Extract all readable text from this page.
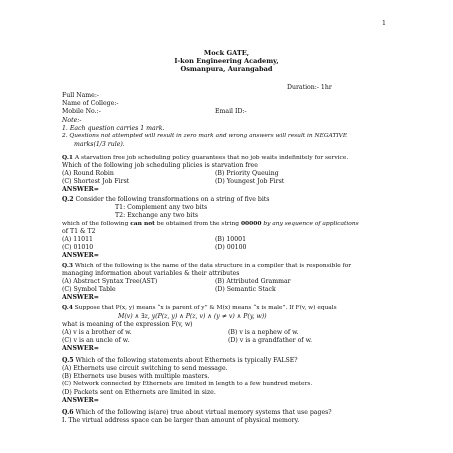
1
Mock GATE,
I-kon Engineering Academy,
Osmanpura, Aurangabad
Duration:- 1hr
Full Name:-
Name of College:-
Mobile No.:-	Email ID:-
Note:-
1. Each question carries 1 mark.
2. Questions not attempted will result in zero mark and wrong answers will result in NEGATIVE
marks(1/3 rule).
Q.1 A starvation free job scheduling policy guarantees that no job waits indefinitely for service.
Which of the following job scheduling plicies is starvation free
(A) Round Robin	(B) Priority Queuing
(C) Shortest Job First	(D) Youngest Job First
ANSWER=
Q.2 Consider the following transformations on a string of five bits
T1: Complement any two bits
T2: Exchange any two bits
which of the following can not be obtained from the string 00000 by any sequence of applications
of T1 & T2
(A) 11011	(B) 10001
(C) 01010	(D) 00100
ANSWER=
Q.3 Which of the following is the name of the data structure in a compiler that is responsible for
managing information about variables & their attributes
(A) Abstract Syntax Tree(AST)	(B) Attributed Grammar
(C) Symbol Table	(D) Semantic Stack
ANSWER=
Q.4 Suppose that P(x, y) means “x is parent of y” & M(x) means “x is male”. If F(v, w) equals
M(v) ∧ ∃z, y(P(z, y) ∧ P(z, v) ∧ (y ≠ v) ∧ P(y, w))
what is meaning of the expression F(v, w)
(A) v is a brother of w.	(B) v is a nephew of w.
(C) v is an uncle of w.	(D) v is a grandfather of w.
ANSWER=
Q.5 Which of the following statements about Ethernets is typically FALSE?
(A) Ethernets use circuit switching to send message.
(B) Ethernets use buses with multiple masters.
(C) Network connected by Ethernets are limited in length to a few hundred meters.
(D) Packets sent on Ethernets are limited in size.
ANSWER=
Q.6 Which of the following is(are) true about virtual memory systems that use pages?
I. The virtual address space can be larger than amount of physical memory.
